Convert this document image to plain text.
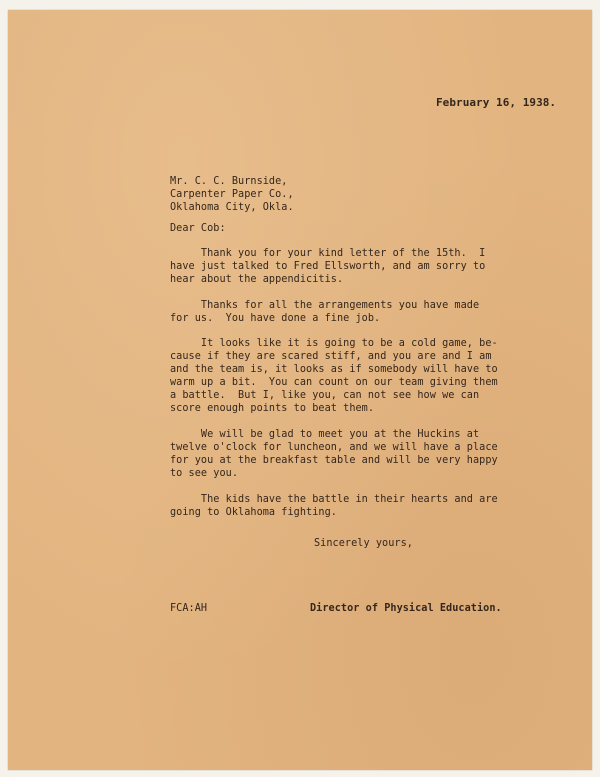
February 16, 1938.
Mr. C. C. Burnside,
Carpenter Paper Co.,
Oklahoma City, Okla.
Dear Cob:
Thank you for your kind letter of the 15th.  I
have just talked to Fred Ellsworth, and am sorry to
hear about the appendicitis.
Thanks for all the arrangements you have made
for us.  You have done a fine job.
It looks like it is going to be a cold game, be-
cause if they are scared stiff, and you are and I am
and the team is, it looks as if somebody will have to
warm up a bit.  You can count on our team giving them
a battle.  But I, like you, can not see how we can
score enough points to beat them.
We will be glad to meet you at the Huckins at
twelve o'clock for luncheon, and we will have a place
for you at the breakfast table and will be very happy
to see you.
The kids have the battle in their hearts and are
going to Oklahoma fighting.
Sincerely yours,
FCA:AH	Director of Physical Education.
